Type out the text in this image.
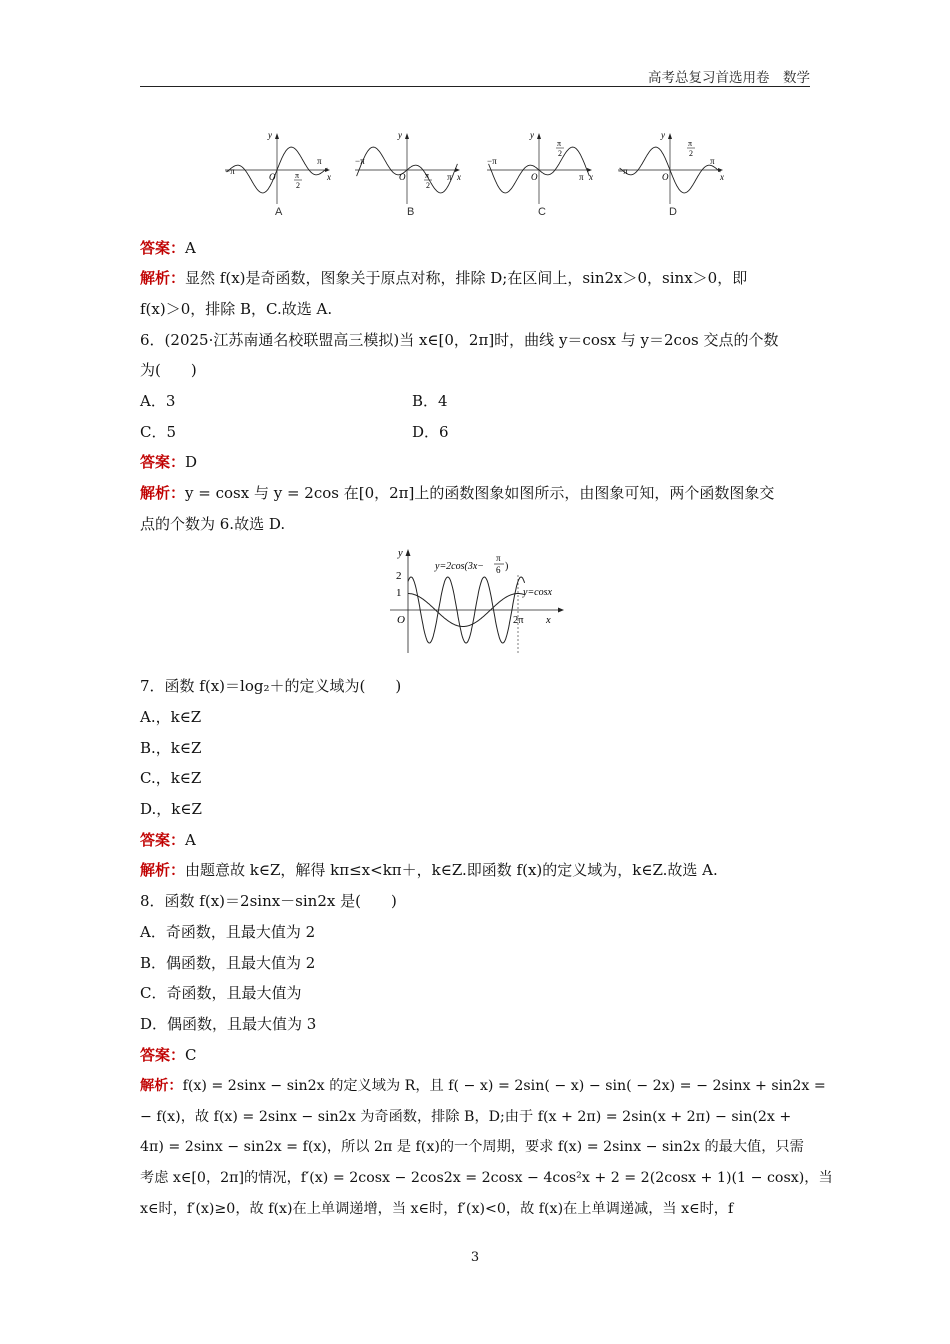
高考总复习首选用卷　数学
y
x
O
−π
π
π
2
y
x
O
−π
π
π
2
y
x
O
−π
π
π
2
y
x
O
−π
π
π
2
A	B	C	D
答案：A
解析：显然 f(x)是奇函数，图象关于原点对称，排除 D;在区间上，sin2x＞0，sinx＞0，即
f(x)＞0，排除 B，C.故选 A.
6．(2025·江苏南通名校联盟高三模拟)当 x∈[0，2π]时，曲线 y＝cosx 与 y＝2cos 交点的个数
为(　　)
A．3	B．4
C．5	D．6
答案：D
解析：y = cosx 与 y = 2cos 在[0，2π]上的函数图象如图所示，由图象可知，两个函数图象交
点的个数为 6.故选 D.
2
1
O	2π
y
x
y=2cos(3x−
π
6 )
y=cosx
7．函数 f(x)＝log₂＋的定义域为(　　)
A.，k∈Z
B.，k∈Z
C.，k∈Z
D.，k∈Z
答案：A
解析：由题意故 k∈Z，解得 kπ≤x<kπ＋，k∈Z.即函数 f(x)的定义域为，k∈Z.故选 A.
8．函数 f(x)＝2sinx－sin2x 是(　　)
A．奇函数，且最大值为 2
B．偶函数，且最大值为 2
C．奇函数，且最大值为
D．偶函数，且最大值为 3
答案：C
解析：f(x) = 2sinx − sin2x 的定义域为 R，且 f( − x) = 2sin( − x) − sin( − 2x) = − 2sinx + sin2x =
− f(x)，故 f(x) = 2sinx − sin2x 为奇函数，排除 B，D;由于 f(x + 2π) = 2sin(x + 2π) − sin(2x +
4π) = 2sinx − sin2x = f(x)，所以 2π 是 f(x)的一个周期，要求 f(x) = 2sinx − sin2x 的最大值，只需
考虑 x∈[0，2π]的情况，f′(x) = 2cosx − 2cos2x = 2cosx − 4cos²x + 2 = 2(2cosx + 1)(1 − cosx)，当
x∈时，f′(x)≥0，故 f(x)在上单调递增，当 x∈时，f′(x)<0，故 f(x)在上单调递减，当 x∈时，f
3
